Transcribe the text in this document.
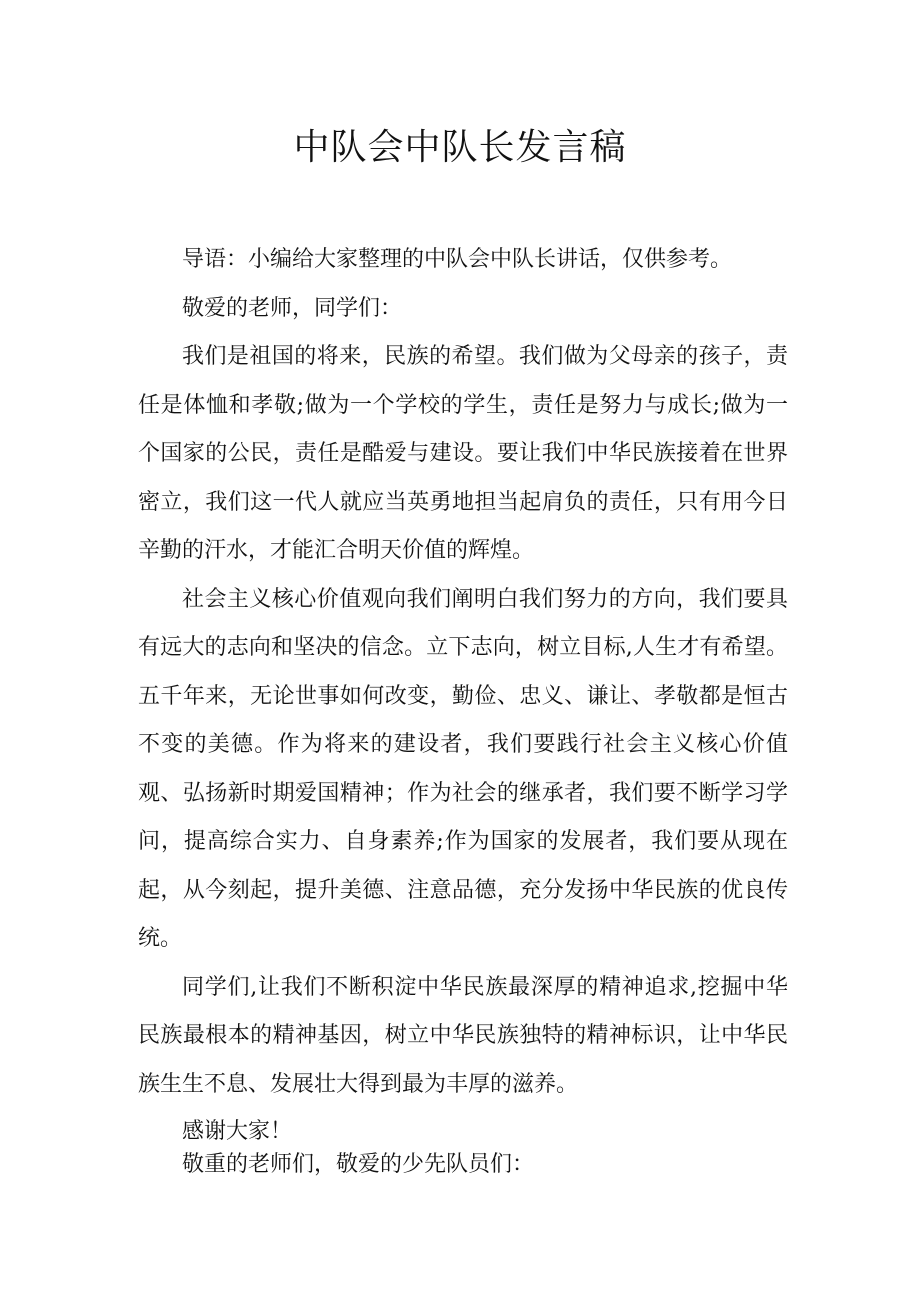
中队会中队长发言稿

导语：小编给大家整理的中队会中队长讲话，仅供参考。

敬爱的老师，同学们：

我们是祖国的将来，民族的希望。我们做为父母亲的孩子，责任是体恤和孝敬;做为一个学校的学生，责任是努力与成长;做为一个国家的公民，责任是酷爱与建设。要让我们中华民族接着在世界密立，我们这一代人就应当英勇地担当起肩负的责任，只有用今日辛勤的汗水，才能汇合明天价值的辉煌。

社会主义核心价值观向我们阐明白我们努力的方向，我们要具有远大的志向和坚决的信念。立下志向，树立目标,人生才有希望。五千年来，无论世事如何改变，勤俭、忠义、谦让、孝敬都是恒古不变的美德。作为将来的建设者，我们要践行社会主义核心价值观、弘扬新时期爱国精神；作为社会的继承者，我们要不断学习学问，提高综合实力、自身素养;作为国家的发展者，我们要从现在起，从今刻起，提升美德、注意品德，充分发扬中华民族的优良传统。

同学们,让我们不断积淀中华民族最深厚的精神追求,挖掘中华民族最根本的精神基因，树立中华民族独特的精神标识，让中华民族生生不息、发展壮大得到最为丰厚的滋养。

感谢大家！

敬重的老师们，敬爱的少先队员们：
